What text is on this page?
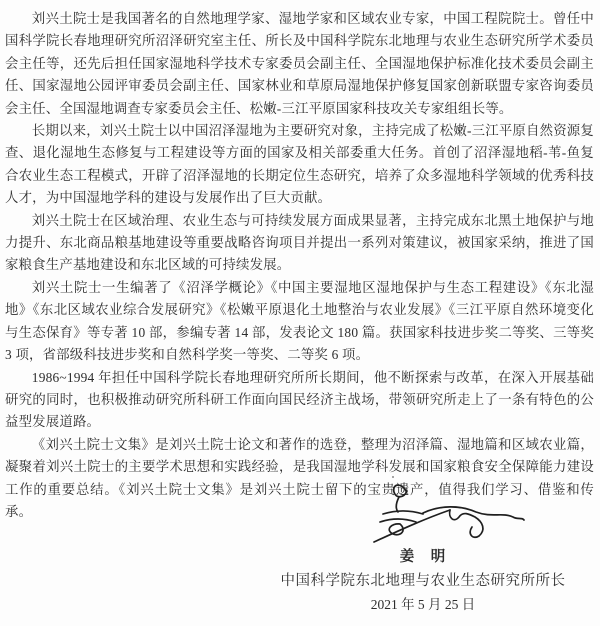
刘兴土院士是我国著名的自然地理学家、湿地学家和区域农业专家，中国工程院院士。曾任中国科学院长春地理研究所沼泽研究室主任、所长及中国科学院东北地理与农业生态研究所学术委员会主任等，还先后担任国家湿地科学技术专家委员会副主任、全国湿地保护标准化技术委员会副主任、国家湿地公园评审委员会副主任、国家林业和草原局湿地保护修复国家创新联盟专家咨询委员会主任、全国湿地调查专家委员会主任、松嫩-三江平原国家科技攻关专家组组长等。

长期以来，刘兴土院士以中国沼泽湿地为主要研究对象，主持完成了松嫩-三江平原自然资源复查、退化湿地生态修复与工程建设等方面的国家及相关部委重大任务。首创了沼泽湿地稻-苇-鱼复合农业生态工程模式，开辟了沼泽湿地的长期定位生态研究，培养了众多湿地科学领域的优秀科技人才，为中国湿地学科的建设与发展作出了巨大贡献。

刘兴土院士在区域治理、农业生态与可持续发展方面成果显著，主持完成东北黑土地保护与地力提升、东北商品粮基地建设等重要战略咨询项目并提出一系列对策建议，被国家采纳，推进了国家粮食生产基地建设和东北区域的可持续发展。

刘兴土院士一生编著了《沼泽学概论》《中国主要湿地区湿地保护与生态工程建设》《东北湿地》《东北区域农业综合发展研究》《松嫩平原退化土地整治与农业发展》《三江平原自然环境变化与生态保育》等专著 10 部，参编专著 14 部，发表论文 180 篇。获国家科技进步奖二等奖、三等奖 3 项，省部级科技进步奖和自然科学奖一等奖、二等奖 6 项。

1986~1994 年担任中国科学院长春地理研究所所长期间，他不断探索与改革，在深入开展基础研究的同时，也积极推动研究所科研工作面向国民经济主战场，带领研究所走上了一条有特色的公益型发展道路。

《刘兴土院士文集》是刘兴土院士论文和著作的选登，整理为沼泽篇、湿地篇和区域农业篇，凝聚着刘兴土院士的主要学术思想和实践经验，是我国湿地学科发展和国家粮食安全保障能力建设工作的重要总结。《刘兴土院士文集》是刘兴土院士留下的宝贵遗产，值得我们学习、借鉴和传承。

姜　明
中国科学院东北地理与农业生态研究所所长
2021 年 5 月 25 日
